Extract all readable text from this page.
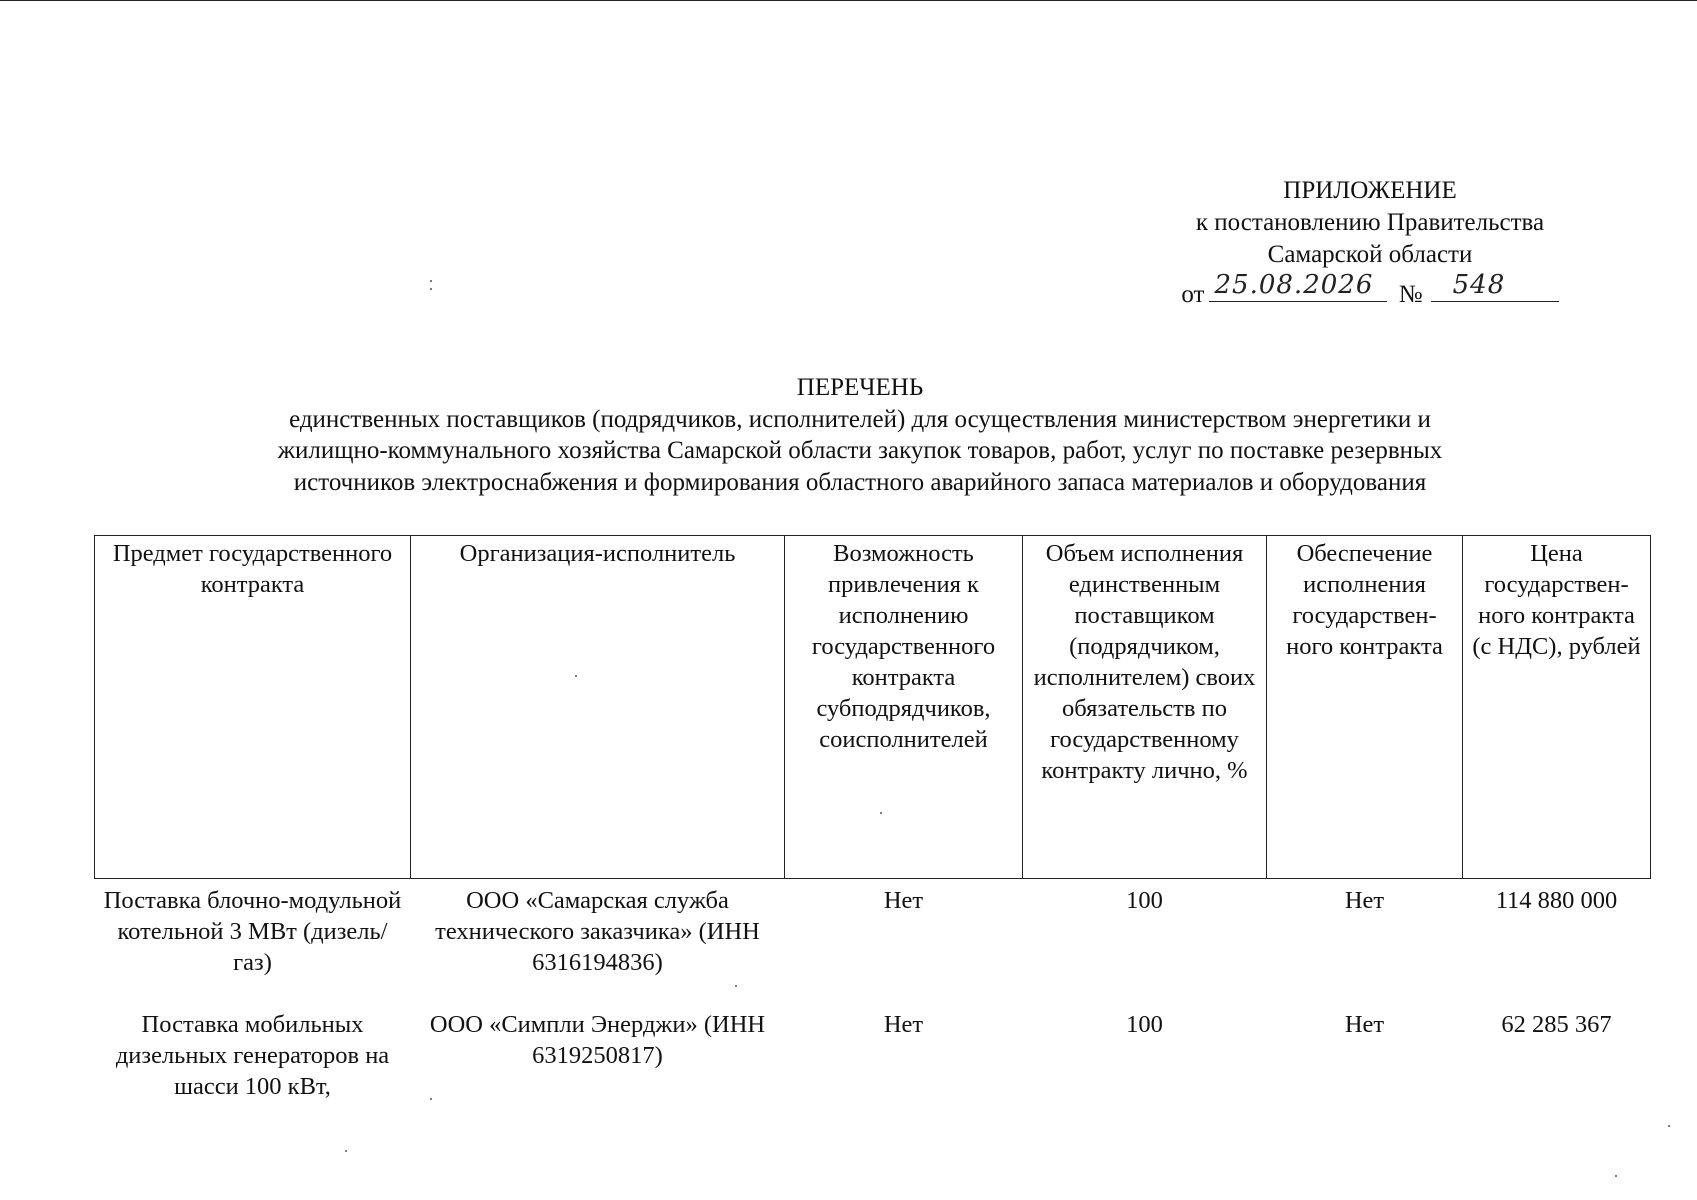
ПРИЛОЖЕНИЕ
к постановлению Правительства
Самарской области
от 25.08.2026 № 548
ПЕРЕЧЕНЬ
единственных поставщиков (подрядчиков, исполнителей) для осуществления министерством энергетики и
жилищно-коммунального хозяйства Самарской области закупок товаров, работ, услуг по поставке резервных
источников электроснабжения и формирования областного аварийного запаса материалов и оборудования
Предмет государственного контракта	Организация-исполнитель	Возможность привлечения к исполнению государственного контракта субподрядчиков, соисполнителей	Объем исполнения единственным поставщиком (подрядчиком, исполнителем) своих обязательств по государственному контракту лично, %	Обеспечение исполнения государствен-ного контракта	Цена государствен-ного контракта (с НДС), рублей
Поставка блочно-модульной котельной 3 МВт (дизель/газ)	ООО «Самарская служба технического заказчика» (ИНН 6316194836)	Нет	100	Нет	114 880 000
Поставка мобильных дизельных генераторов на шасси 100 кВт,	ООО «Симпли Энерджи» (ИНН 6319250817)	Нет	100	Нет	62 285 367
